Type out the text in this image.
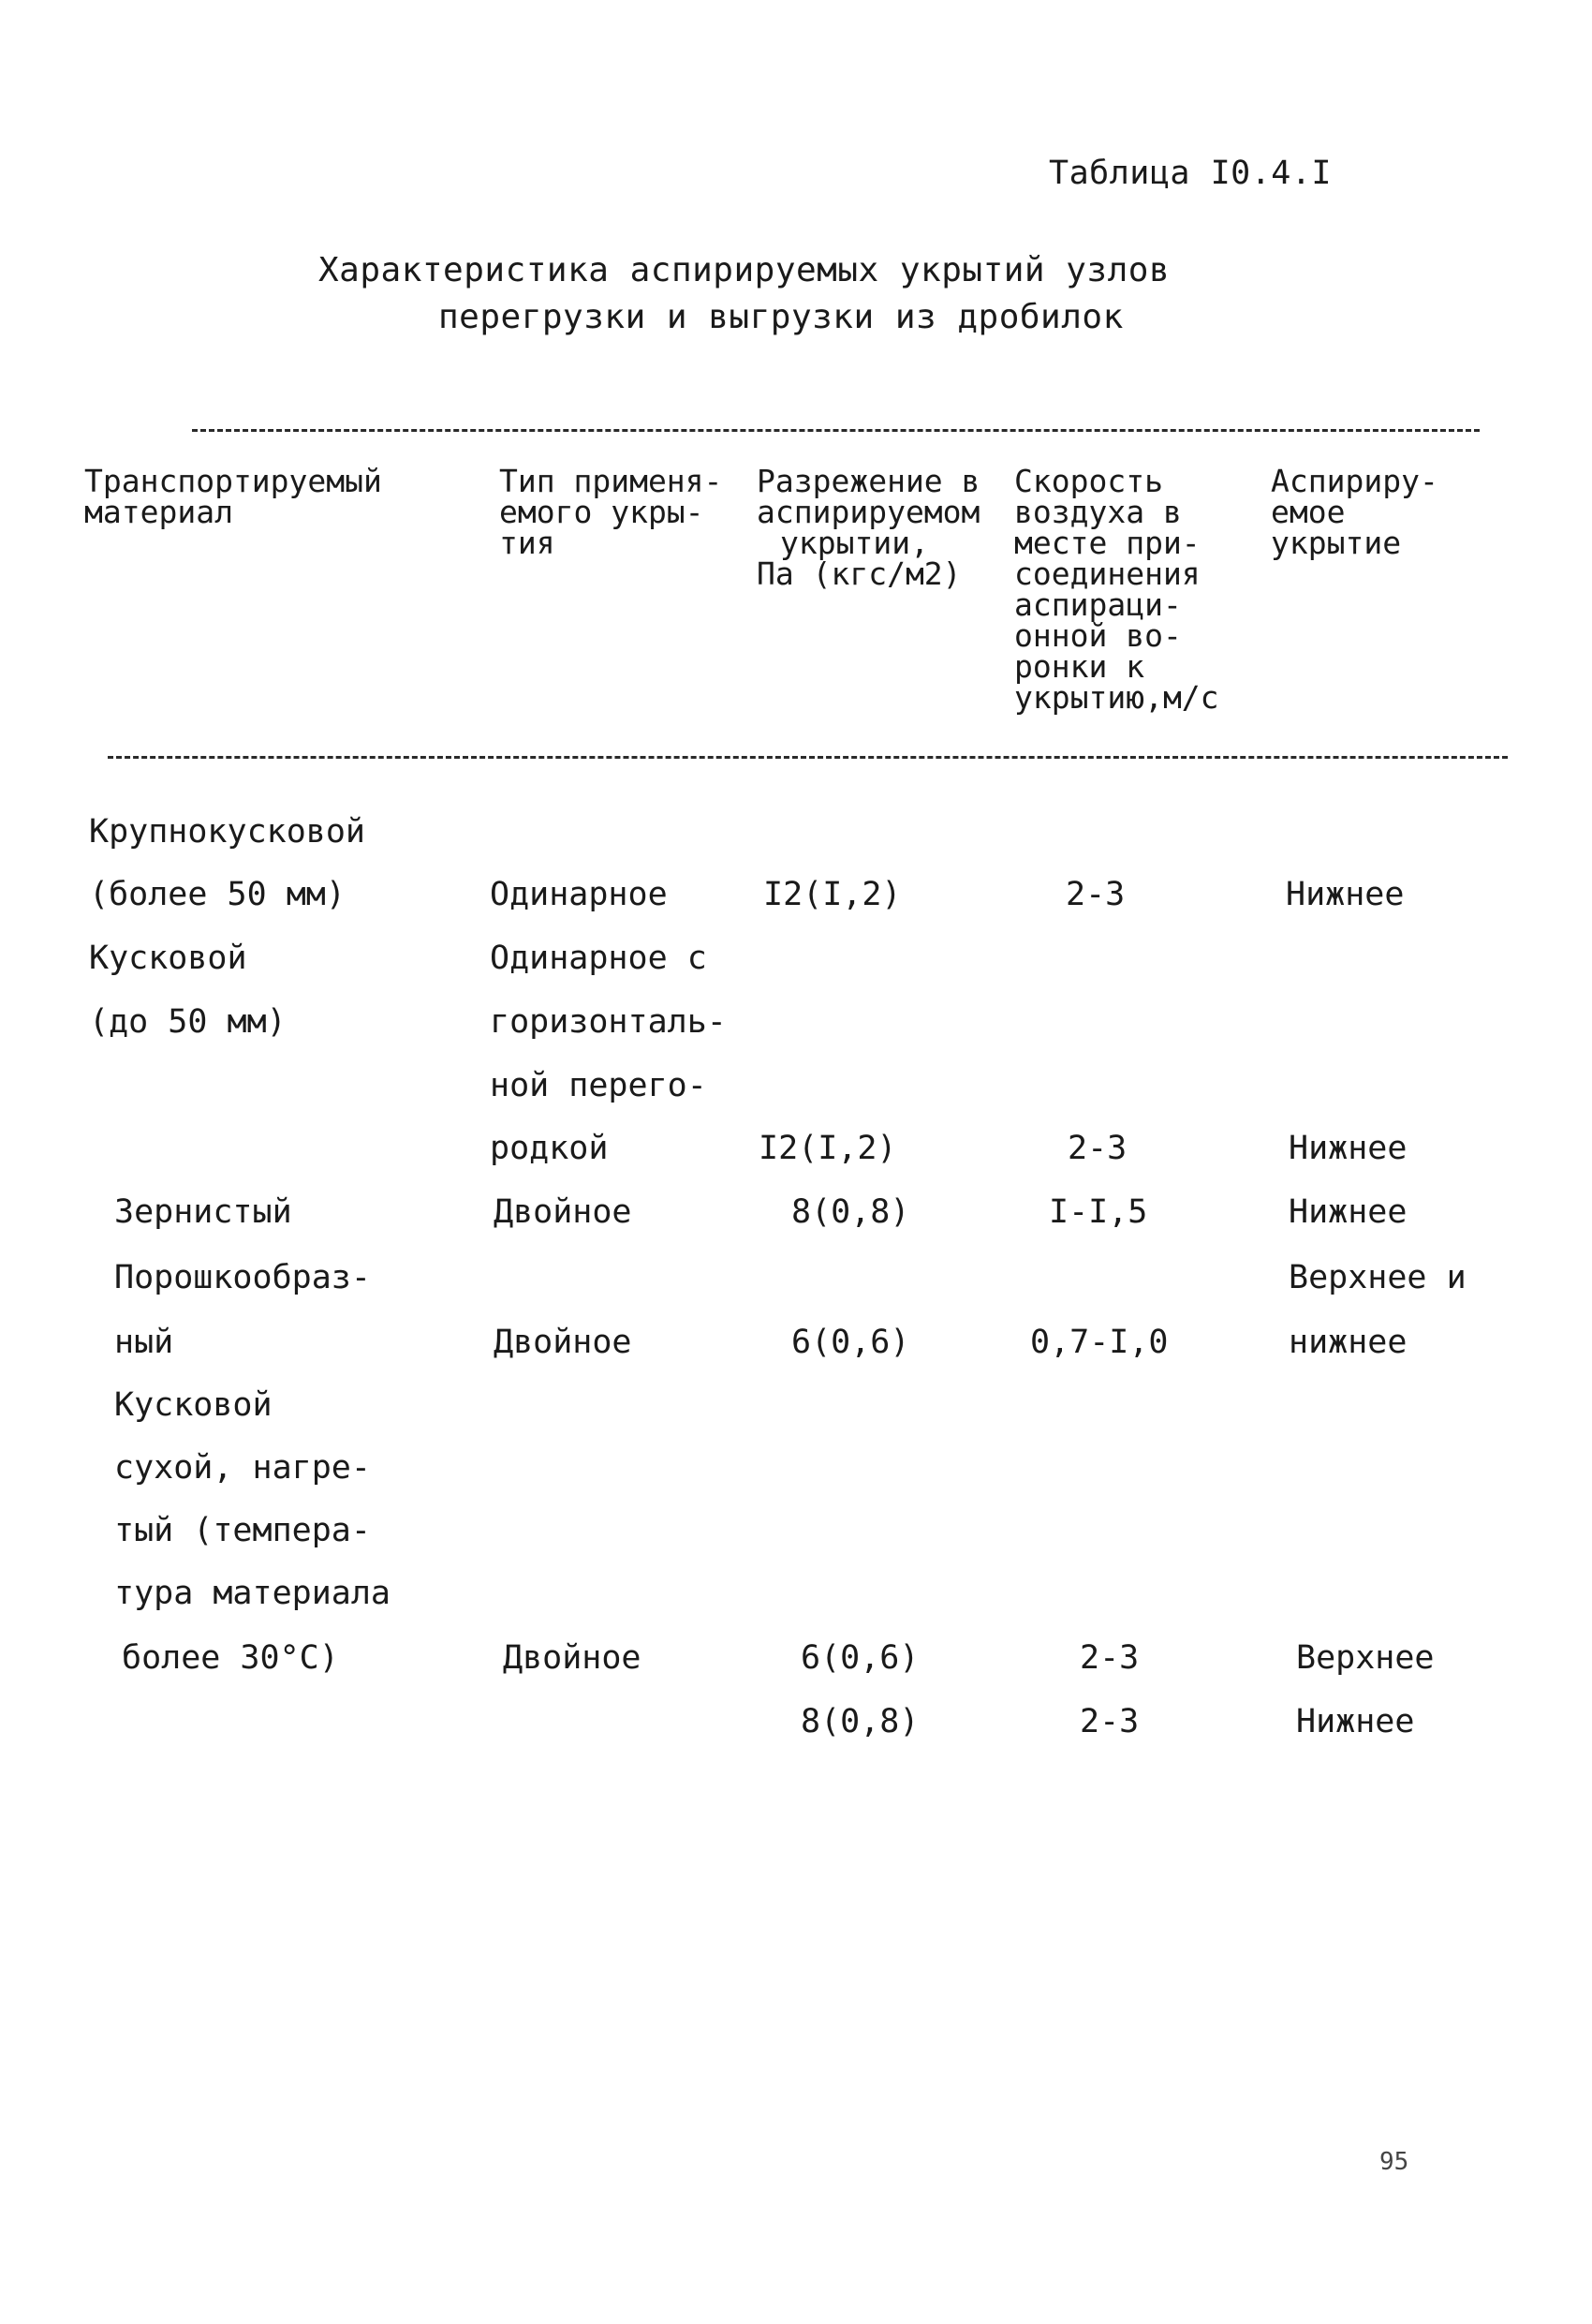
Таблица I0.4.I
Характеристика аспирируемых укрытий узлов
перегрузки и выгрузки из дробилок
Транспортируемый
материал
Тип применя-
емого укры-
тия
Разрежение в
аспирируемом
укрытии,
Па (кгс/м2)
Скорость
воздуха в
месте при-
соединения
аспираци-
онной во-
ронки к
укрытию,м/с
Аспириру-
емое
укрытие
Крупнокусковой
(более 50 мм)
Кусковой
(до 50 мм)
Зернистый
Порошкообраз-
ный
Кусковой
сухой, нагре-
тый (темпера-
тура материала
более 30°С)
Одинарное
Одинарное с
горизонталь-
ной перего-
родкой
Двойное
Двойное
Двойное
I2(I,2)
I2(I,2)
8(0,8)
6(0,6)
6(0,6)
8(0,8)
2-3
2-3
I-I,5
0,7-I,0
2-3
2-3
Нижнее
Нижнее
Нижнее
Верхнее и
нижнее
Верхнее
Нижнее
95
